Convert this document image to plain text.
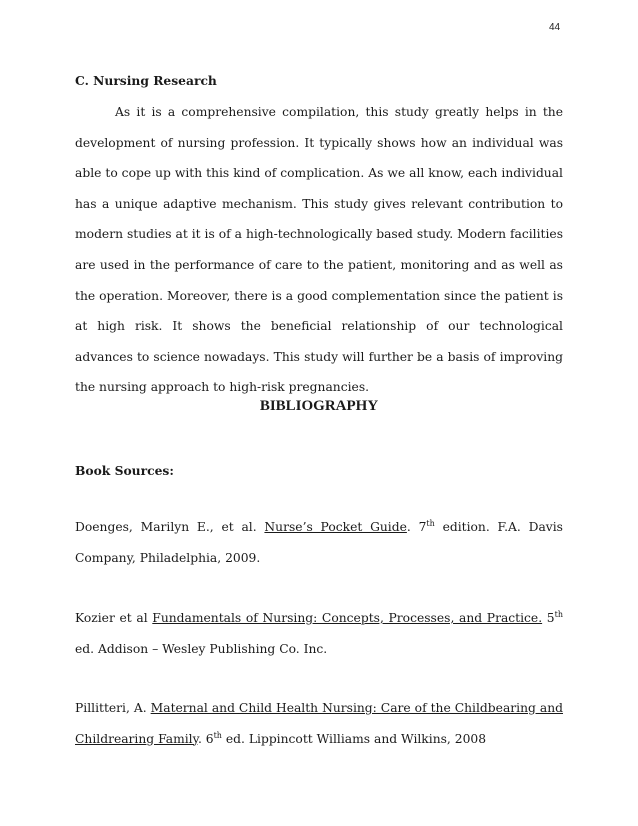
44
C. Nursing Research

As it is a comprehensive compilation, this study greatly helps in the development of nursing profession. It typically shows how an individual was able to cope up with this kind of complication. As we all know, each individual has a unique adaptive mechanism. This study gives relevant contribution to modern studies at it is of a high-technologically based study. Modern facilities are used in the performance of care to the patient, monitoring and as well as the operation. Moreover, there is a good complementation since the patient is at high risk. It shows the beneficial relationship of our technological advances to science nowadays. This study will further be a basis of improving the nursing approach to high-risk pregnancies.

BIBLIOGRAPHY
Book Sources:

Doenges, Marilyn E., et al. Nurse’s Pocket Guide. 7th edition. F.A. Davis Company, Philadelphia, 2009.

Kozier et al Fundamentals of Nursing: Concepts, Processes, and Practice. 5th ed. Addison – Wesley Publishing Co. Inc.

Pillitteri, A. Maternal and Child Health Nursing: Care of the Childbearing and Childrearing Family. 6th ed. Lippincott Williams and Wilkins, 2008
